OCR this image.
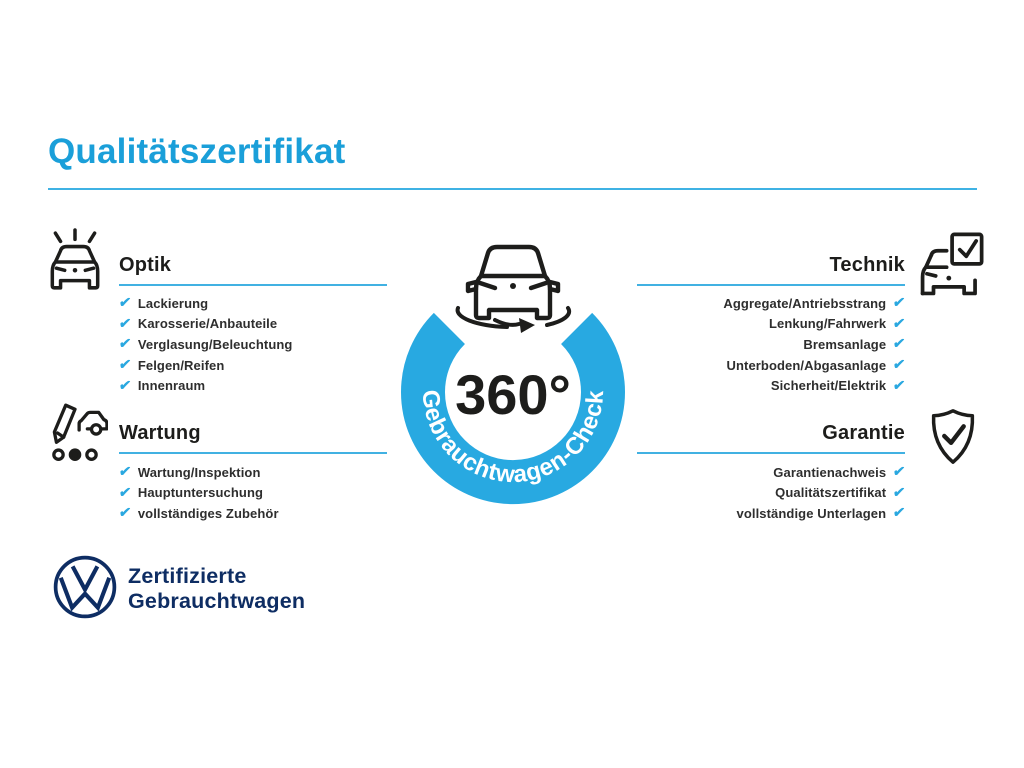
Qualitätszertifikat
Optik
✔
Lackierung
✔
Karosserie/Anbauteile
✔
Verglasung/Beleuchtung
✔
Felgen/Reifen
✔
Innenraum
Wartung
✔
Wartung/Inspektion
✔
Hauptuntersuchung
✔
vollständiges Zubehör
Technik
Aggregate/Antriebsstrang
✔
Lenkung/Fahrwerk
✔
Bremsanlage
✔
Unterboden/Abgasanlage
✔
Sicherheit/Elektrik
✔
Garantie
Garantienachweis
✔
Qualitätszertifikat
✔
vollständige Unterlagen
✔
Gebrauchtwagen-Check
360°
Zertifizierte
Gebrauchtwagen
